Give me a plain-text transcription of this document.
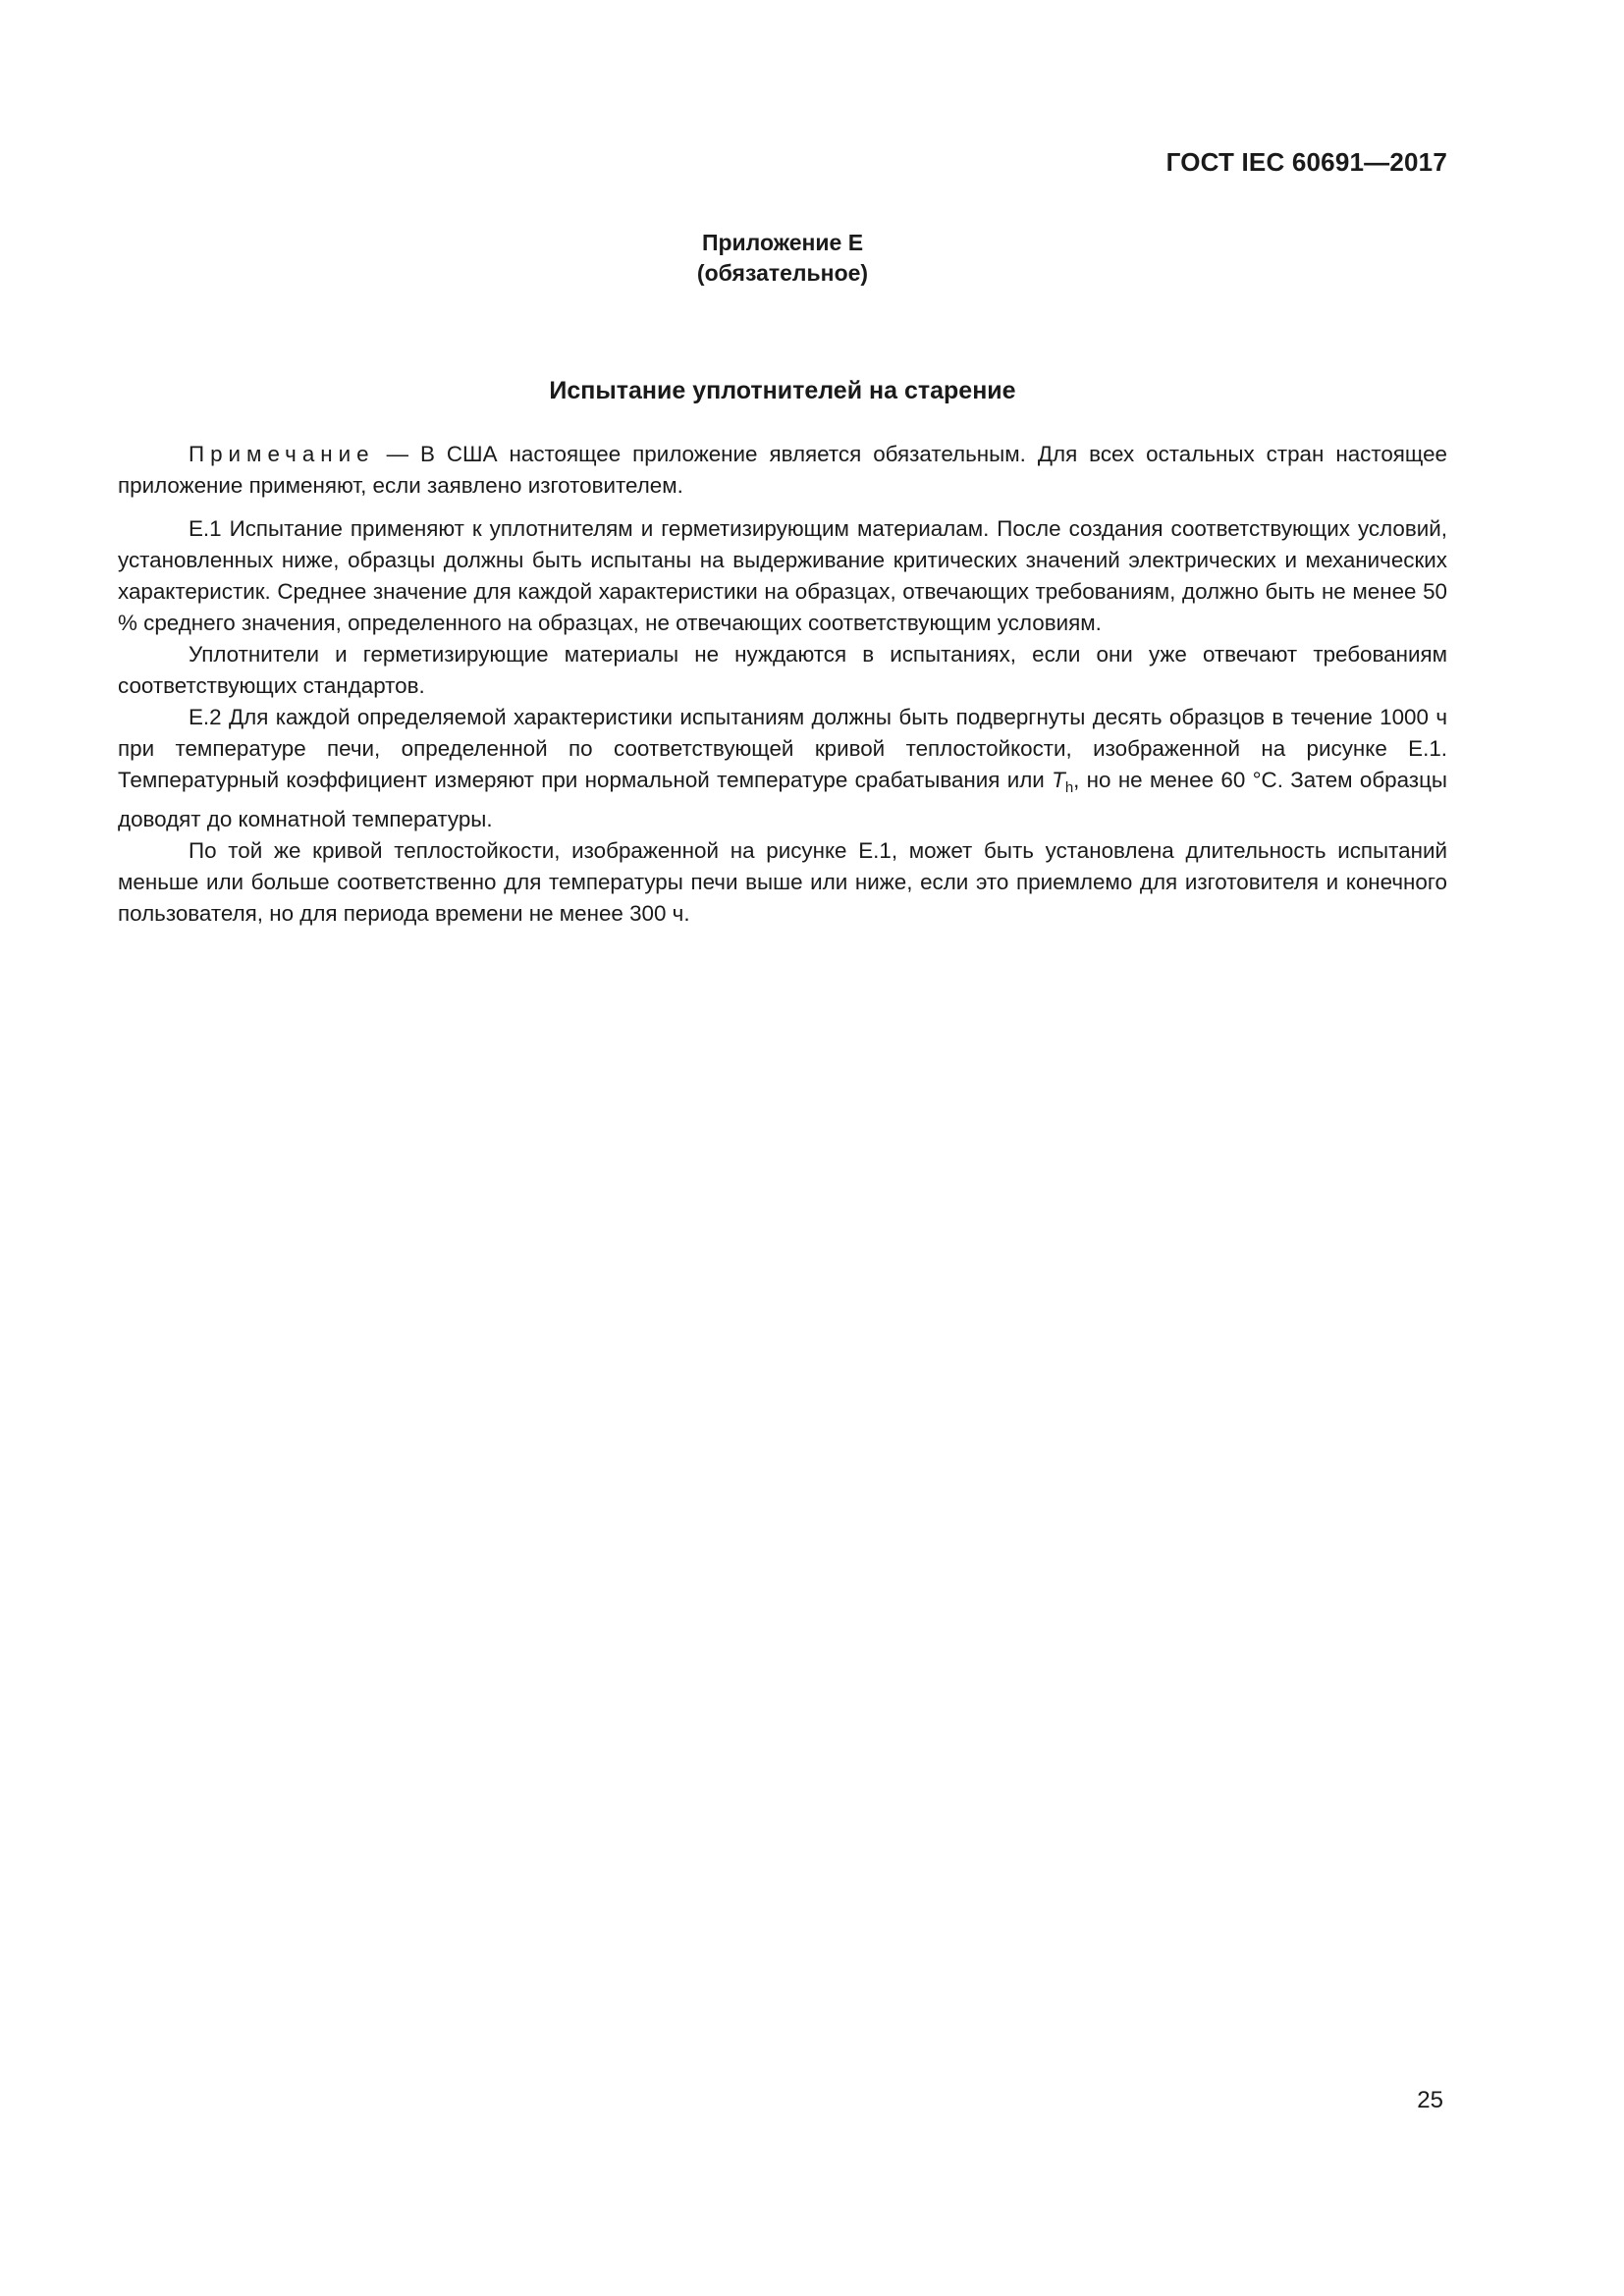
ГОСТ IEC 60691—2017
Приложение Е
(обязательное)
Испытание уплотнителей на старение

Примечание — В США настоящее приложение является обязательным. Для всех остальных стран настоящее приложение применяют, если заявлено изготовителем.

Е.1 Испытание применяют к уплотнителям и герметизирующим материалам. После создания соответствующих условий, установленных ниже, образцы должны быть испытаны на выдерживание критических значений электрических и механических характеристик. Среднее значение для каждой характеристики на образцах, отвечающих требованиям, должно быть не менее 50 % среднего значения, определенного на образцах, не отвечающих соответствующим условиям.

Уплотнители и герметизирующие материалы не нуждаются в испытаниях, если они уже отвечают требованиям соответствующих стандартов.

Е.2 Для каждой определяемой характеристики испытаниям должны быть подвергнуты десять образцов в течение 1000 ч при температуре печи, определенной по соответствующей кривой теплостойкости, изображенной на рисунке Е.1. Температурный коэффициент измеряют при нормальной температуре срабатывания или $T_h$, но не менее 60 °C. Затем образцы доводят до комнатной температуры.

По той же кривой теплостойкости, изображенной на рисунке Е.1, может быть установлена длительность испытаний меньше или больше соответственно для температуры печи выше или ниже, если это приемлемо для изготовителя и конечного пользователя, но для периода времени не менее 300 ч.

25
